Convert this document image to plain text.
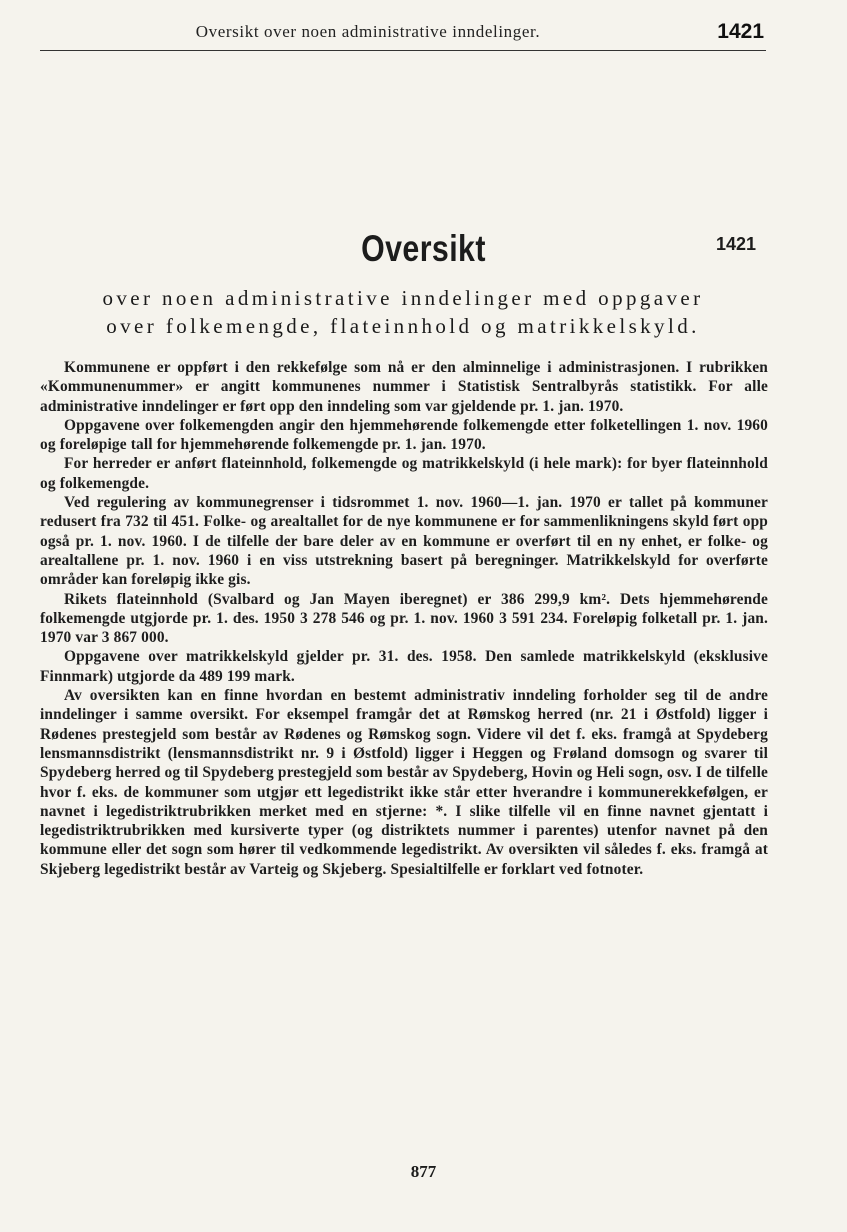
Oversikt over noen administrative inndelinger.	1421
Oversikt	1421
over noen administrative inndelinger med oppgaver
over folkemengde, flateinnhold og matrikkelskyld.

Kommunene er oppført i den rekkefølge som nå er den alminnelige i administrasjonen. I rubrikken «Kommunenummer» er angitt kommunenes nummer i Statistisk Sentralbyrås statistikk. For alle administrative inndelinger er ført opp den inndeling som var gjeldende pr. 1. jan. 1970.

Oppgavene over folkemengden angir den hjemmehørende folkemengde etter folketellingen 1. nov. 1960 og foreløpige tall for hjemmehørende folkemengde pr. 1. jan. 1970.

For herreder er anført flateinnhold, folkemengde og matrikkelskyld (i hele mark): for byer flateinnhold og folkemengde.

Ved regulering av kommunegrenser i tidsrommet 1. nov. 1960—1. jan. 1970 er tallet på kommuner redusert fra 732 til 451. Folke- og arealtallet for de nye kommunene er for sammenlikningens skyld ført opp også pr. 1. nov. 1960. I de tilfelle der bare deler av en kommune er overført til en ny enhet, er folke- og arealtallene pr. 1. nov. 1960 i en viss utstrekning basert på beregninger. Matrikkelskyld for overførte områder kan foreløpig ikke gis.

Rikets flateinnhold (Svalbard og Jan Mayen iberegnet) er 386 299,9 km². Dets hjemmehørende folkemengde utgjorde pr. 1. des. 1950 3 278 546 og pr. 1. nov. 1960 3 591 234. Foreløpig folketall pr. 1. jan. 1970 var 3 867 000.

Oppgavene over matrikkelskyld gjelder pr. 31. des. 1958. Den samlede matrikkelskyld (eksklusive Finnmark) utgjorde da 489 199 mark.

Av oversikten kan en finne hvordan en bestemt administrativ inndeling forholder seg til de andre inndelinger i samme oversikt. For eksempel framgår det at Rømskog herred (nr. 21 i Østfold) ligger i Rødenes prestegjeld som består av Rødenes og Rømskog sogn. Videre vil det f. eks. framgå at Spydeberg lensmannsdistrikt (lensmannsdistrikt nr. 9 i Østfold) ligger i Heggen og Frøland domsogn og svarer til Spydeberg herred og til Spydeberg prestegjeld som består av Spydeberg, Hovin og Heli sogn, osv. I de tilfelle hvor f. eks. de kommuner som utgjør ett legedistrikt ikke står etter hverandre i kommunerekkefølgen, er navnet i legedistriktrubrikken merket med en stjerne: *. I slike tilfelle vil en finne navnet gjentatt i legedistriktrubrikken med kursiverte typer (og distriktets nummer i parentes) utenfor navnet på den kommune eller det sogn som hører til vedkommende legedistrikt. Av oversikten vil således f. eks. framgå at Skjeberg legedistrikt består av Varteig og Skjeberg. Spesialtilfelle er forklart ved fotnoter.

877
